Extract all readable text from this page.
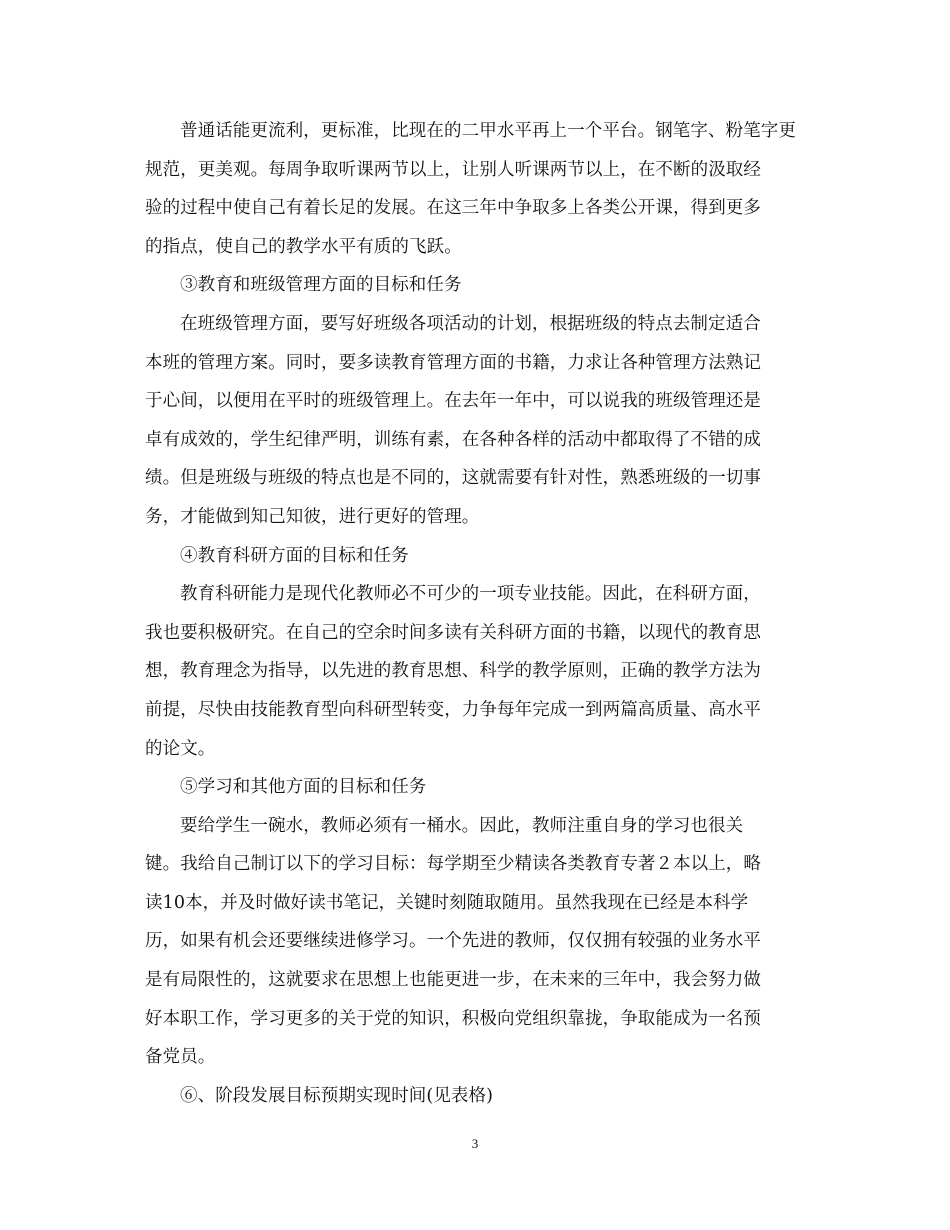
普通话能更流利，更标准，比现在的二甲水平再上一个平台。钢笔字、粉笔字更
规范，更美观。每周争取听课两节以上，让别人听课两节以上，在不断的汲取经
验的过程中使自己有着长足的发展。在这三年中争取多上各类公开课，得到更多
的指点，使自己的教学水平有质的飞跃。
③教育和班级管理方面的目标和任务
在班级管理方面，要写好班级各项活动的计划，根据班级的特点去制定适合
本班的管理方案。同时，要多读教育管理方面的书籍，力求让各种管理方法熟记
于心间，以便用在平时的班级管理上。在去年一年中，可以说我的班级管理还是
卓有成效的，学生纪律严明，训练有素，在各种各样的活动中都取得了不错的成
绩。但是班级与班级的特点也是不同的，这就需要有针对性，熟悉班级的一切事
务，才能做到知己知彼，进行更好的管理。
④教育科研方面的目标和任务
教育科研能力是现代化教师必不可少的一项专业技能。因此，在科研方面，
我也要积极研究。在自己的空余时间多读有关科研方面的书籍，以现代的教育思
想，教育理念为指导，以先进的教育思想、科学的教学原则，正确的教学方法为
前提，尽快由技能教育型向科研型转变，力争每年完成一到两篇高质量、高水平
的论文。
⑤学习和其他方面的目标和任务
要给学生一碗水，教师必须有一桶水。因此，教师注重自身的学习也很关
键。我给自己制订以下的学习目标：每学期至少精读各类教育专著２本以上，略
读10本，并及时做好读书笔记，关键时刻随取随用。虽然我现在已经是本科学
历，如果有机会还要继续进修学习。一个先进的教师，仅仅拥有较强的业务水平
是有局限性的，这就要求在思想上也能更进一步，在未来的三年中，我会努力做
好本职工作，学习更多的关于党的知识，积极向党组织靠拢，争取能成为一名预
备党员。
⑥、阶段发展目标预期实现时间(见表格)
3
